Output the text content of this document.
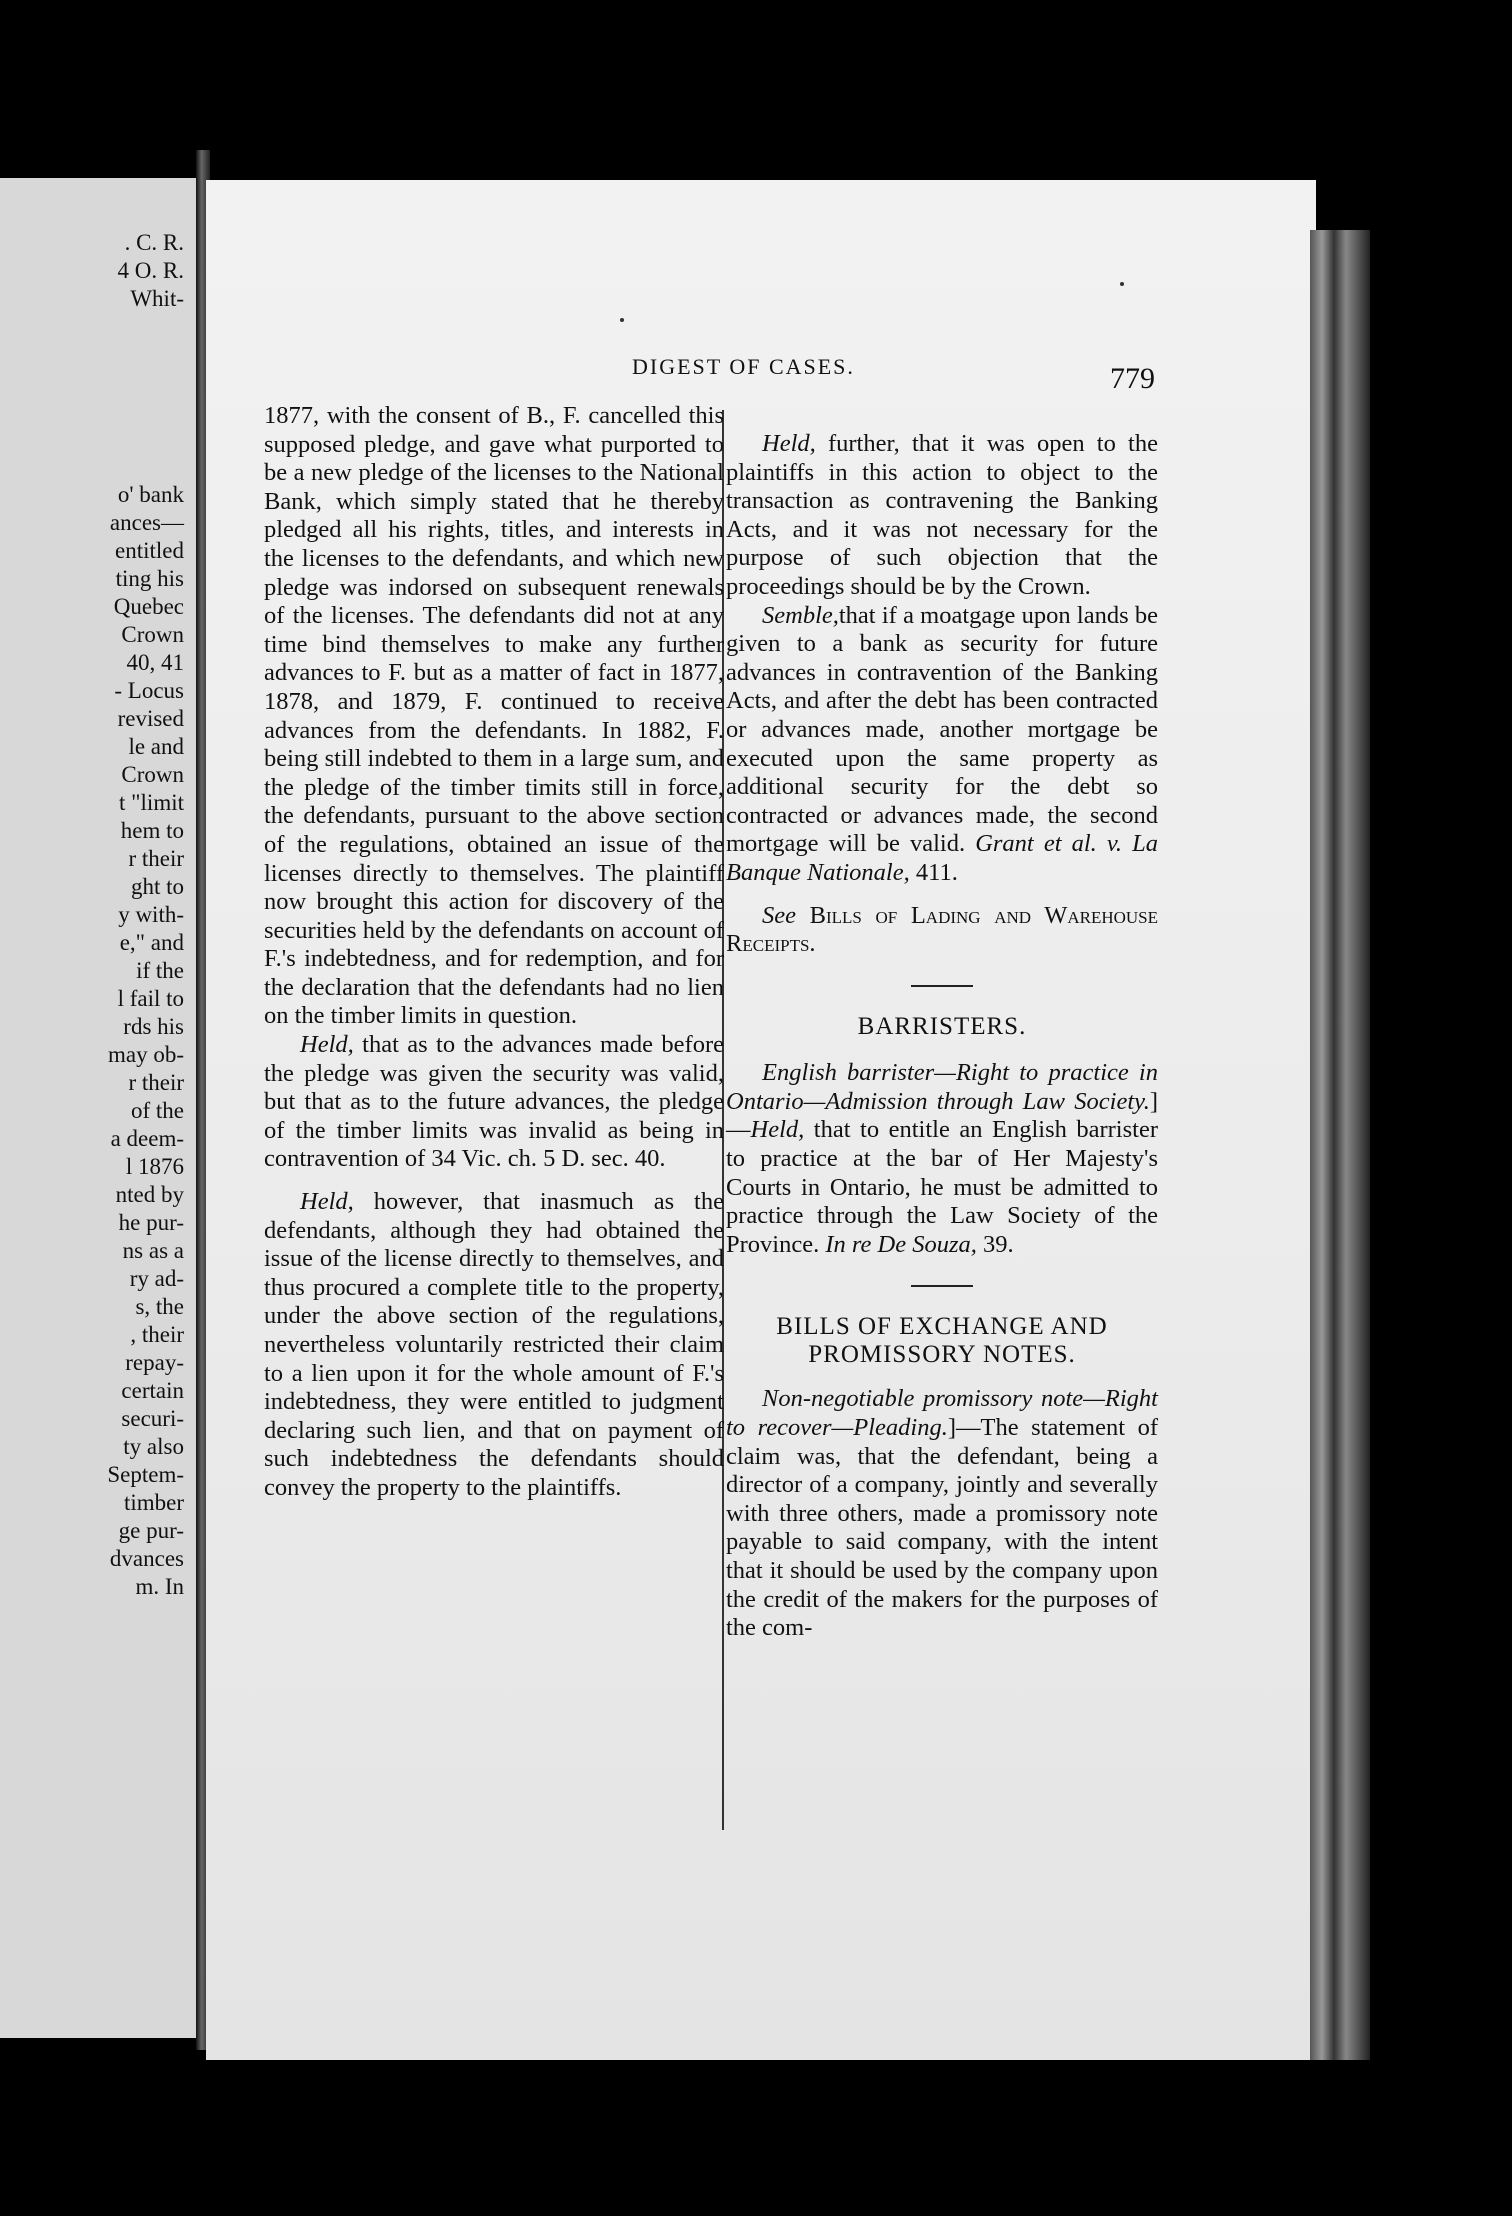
. C. R.
4 O. R.
Whit-
o' bank
ances—
entitled
ting his
Quebec
Crown
40, 41
- Locus
revised
le and
Crown
t "limit
hem to
r their
ght to
y with-
e," and
if the
l fail to
rds his
may ob-
r their
of the
a deem-
l 1876
nted by
he pur-
ns as a
ry ad-
s, the
, their
repay-
certain
securi-
ty also
Septem-
timber
ge pur-
dvances
m. In
DIGEST OF CASES.	779

1877, with the consent of B., F. cancelled this supposed pledge, and gave what purported to be a new pledge of the licenses to the National Bank, which simply stated that he thereby pledged all his rights, titles, and interests in the licenses to the defendants, and which new pledge was indorsed on subsequent renewals of the licenses. The defendants did not at any time bind themselves to make any further advances to F. but as a matter of fact in 1877, 1878, and 1879, F. continued to receive advances from the defendants. In 1882, F. being still indebted to them in a large sum, and the pledge of the timber timits still in force, the defendants, pursuant to the above section of the regulations, obtained an issue of the licenses directly to themselves. The plaintiff now brought this action for discovery of the securities held by the defendants on account of F.'s indebtedness, and for redemption, and for the declaration that the defendants had no lien on the timber limits in question.

Held, that as to the advances made before the pledge was given the security was valid, but that as to the future advances, the pledge of the timber limits was invalid as being in contravention of 34 Vic. ch. 5 D. sec. 40.

Held, however, that inasmuch as the defendants, although they had obtained the issue of the license directly to themselves, and thus procured a complete title to the property, under the above section of the regulations, nevertheless voluntarily restricted their claim to a lien upon it for the whole amount of F.'s indebtedness, they were entitled to judgment declaring such lien, and that on payment of such indebtedness the defendants should convey the property to the plaintiffs.

Held, further, that it was open to the plaintiffs in this action to object to the transaction as contravening the Banking Acts, and it was not necessary for the purpose of such objection that the proceedings should be by the Crown.

Semble,that if a moatgage upon lands be given to a bank as security for future advances in contravention of the Banking Acts, and after the debt has been contracted or advances made, another mortgage be executed upon the same property as additional security for the debt so contracted or advances made, the second mortgage will be valid. Grant et al. v. La Banque Nationale, 411.

See Bills of Lading and Warehouse Receipts.

BARRISTERS.

English barrister—Right to practice in Ontario—Admission through Law Society.]—Held, that to entitle an English barrister to practice at the bar of Her Majesty's Courts in Ontario, he must be admitted to practice through the Law Society of the Province. In re De Souza, 39.

BILLS OF EXCHANGE AND PROMISSORY NOTES.

Non-negotiable promissory note—Right to recover—Pleading.]—The statement of claim was, that the defendant, being a director of a company, jointly and severally with three others, made a promissory note payable to said company, with the intent that it should be used by the company upon the credit of the makers for the purposes of the com-
